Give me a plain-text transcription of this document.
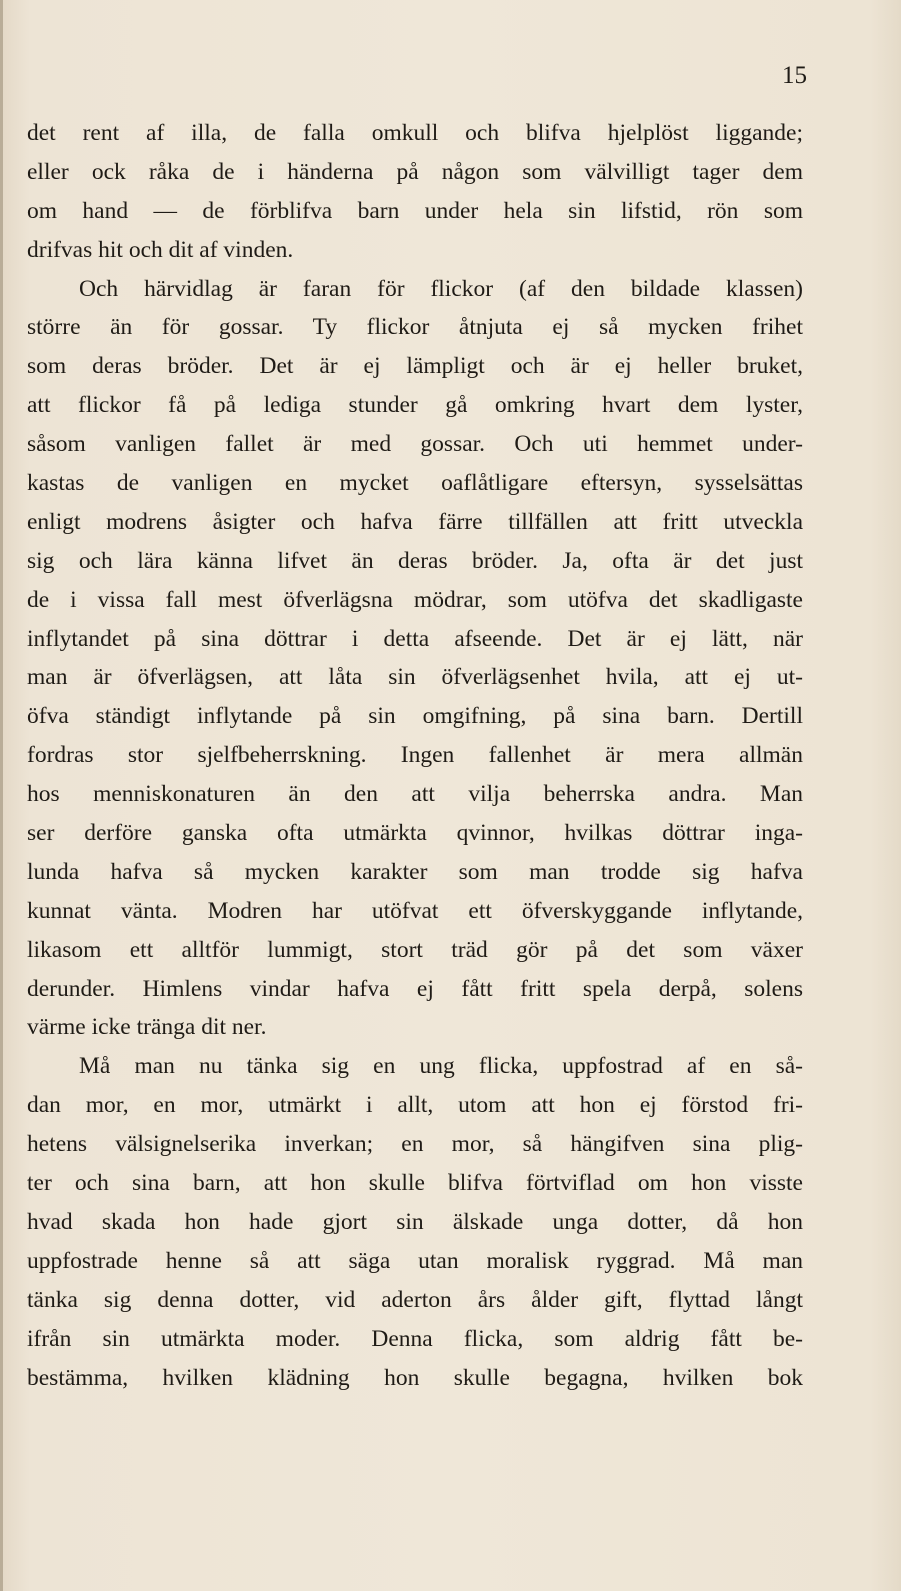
15
det rent af illa, de falla omkull och blifva hjelplöst liggande;
eller ock råka de i händerna på någon som välvilligt tager dem
om hand — de förblifva barn under hela sin lifstid, rön som
drifvas hit och dit af vinden.
Och härvidlag är faran för flickor (af den bildade klassen)
större än för gossar. Ty flickor åtnjuta ej så mycken frihet
som deras bröder. Det är ej lämpligt och är ej heller bruket,
att flickor få på lediga stunder gå omkring hvart dem lyster,
såsom vanligen fallet är med gossar. Och uti hemmet under-
kastas de vanligen en mycket oaflåtligare eftersyn, sysselsättas
enligt modrens åsigter och hafva färre tillfällen att fritt utveckla
sig och lära känna lifvet än deras bröder. Ja, ofta är det just
de i vissa fall mest öfverlägsna mödrar, som utöfva det skadligaste
inflytandet på sina döttrar i detta afseende. Det är ej lätt, när
man är öfverlägsen, att låta sin öfverlägsenhet hvila, att ej ut-
öfva ständigt inflytande på sin omgifning, på sina barn. Dertill
fordras stor sjelfbeherrskning. Ingen fallenhet är mera allmän
hos menniskonaturen än den att vilja beherrska andra. Man
ser derföre ganska ofta utmärkta qvinnor, hvilkas döttrar inga-
lunda hafva så mycken karakter som man trodde sig hafva
kunnat vänta. Modren har utöfvat ett öfverskyggande inflytande,
likasom ett alltför lummigt, stort träd gör på det som växer
derunder. Himlens vindar hafva ej fått fritt spela derpå, solens
värme icke tränga dit ner.
Må man nu tänka sig en ung flicka, uppfostrad af en så-
dan mor, en mor, utmärkt i allt, utom att hon ej förstod fri-
hetens välsignelserika inverkan; en mor, så hängifven sina plig-
ter och sina barn, att hon skulle blifva förtviflad om hon visste
hvad skada hon hade gjort sin älskade unga dotter, då hon
uppfostrade henne så att säga utan moralisk ryggrad. Må man
tänka sig denna dotter, vid aderton års ålder gift, flyttad långt
ifrån sin utmärkta moder. Denna flicka, som aldrig fått be-
bestämma, hvilken klädning hon skulle begagna, hvilken bok
